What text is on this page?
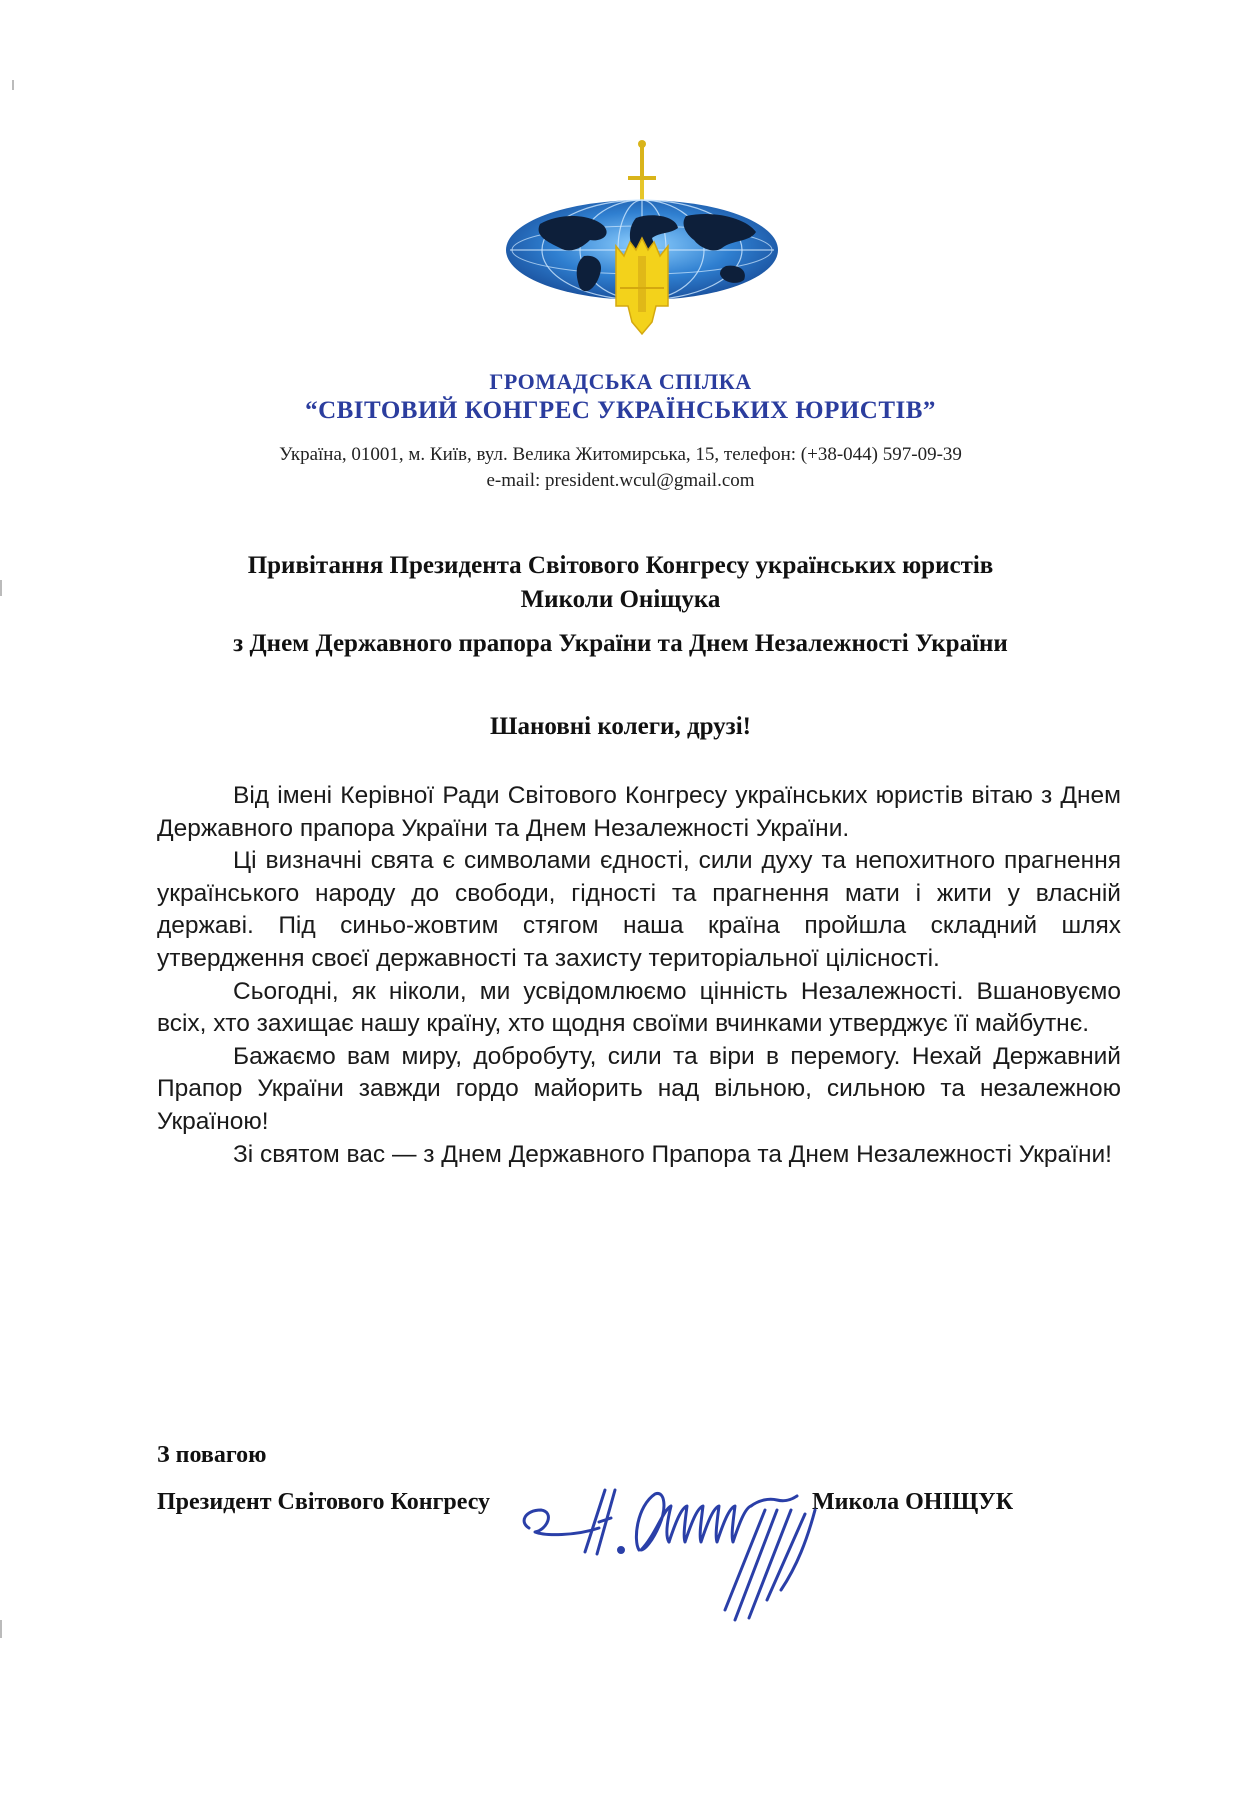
ГРОМАДСЬКА СПІЛКА
“СВІТОВИЙ КОНГРЕС УКРАЇНСЬКИХ ЮРИСТІВ”
Україна, 01001, м. Київ, вул. Велика Житомирська, 15, телефон: (+38-044) 597-09-39
e-mail: president.wcul@gmail.com
Привітання Президента Світового Конгресу українських юристів
Миколи Оніщука
з Днем Державного прапора України та Днем Незалежності України
Шановні колеги, друзі!

Від імені Керівної Ради Світового Конгресу українських юристів вітаю з Днем Державного прапора України та Днем Незалежності України.

Ці визначні свята є символами єдності, сили духу та непохитного прагнення українського народу до свободи, гідності та прагнення мати і жити у власній державі. Під синьо-жовтим стягом наша країна пройшла складний шлях утвердження своєї державності та захисту територіальної цілісності.

Сьогодні, як ніколи, ми усвідомлюємо цінність Незалежності. Вшановуємо всіх, хто захищає нашу країну, хто щодня своїми вчинками утверджує її майбутнє.

Бажаємо вам миру, добробуту, сили та віри в перемогу. Нехай Державний Прапор України завжди гордо майорить над вільною, сильною та незалежною Україною!

Зі святом вас — з Днем Державного Прапора та Днем Незалежності України!

З повагою
Президент Світового Конгресу	Микола ОНІЩУК
